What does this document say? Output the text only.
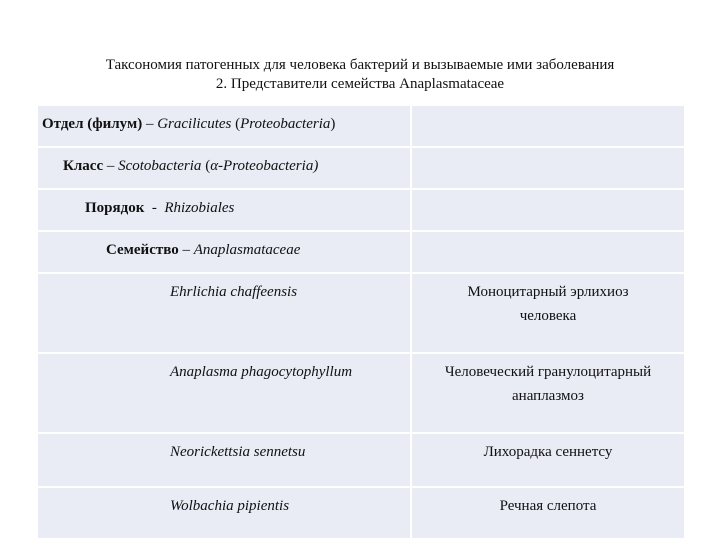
Таксономия патогенных для человека бактерий и вызываемые ими заболевания
2. Представители семейства Anaplasmataceae
Отдел (филум) – Gracilicutes (Proteobacteria)	
Класс – Scotobacteria (α-Proteobacteria)	
Порядок  -  Rhizobiales	
Семейство – Anaplasmataceae	
Ehrlichia chaffeensis	Моноцитарный эрлихиоз человека
Anaplasma phagocytophyllum	Человеческий гранулоцитарный анаплазмоз
Neorickettsia sennetsu	Лихорадка сеннетсу
Wolbachia pipientis	Речная слепота
